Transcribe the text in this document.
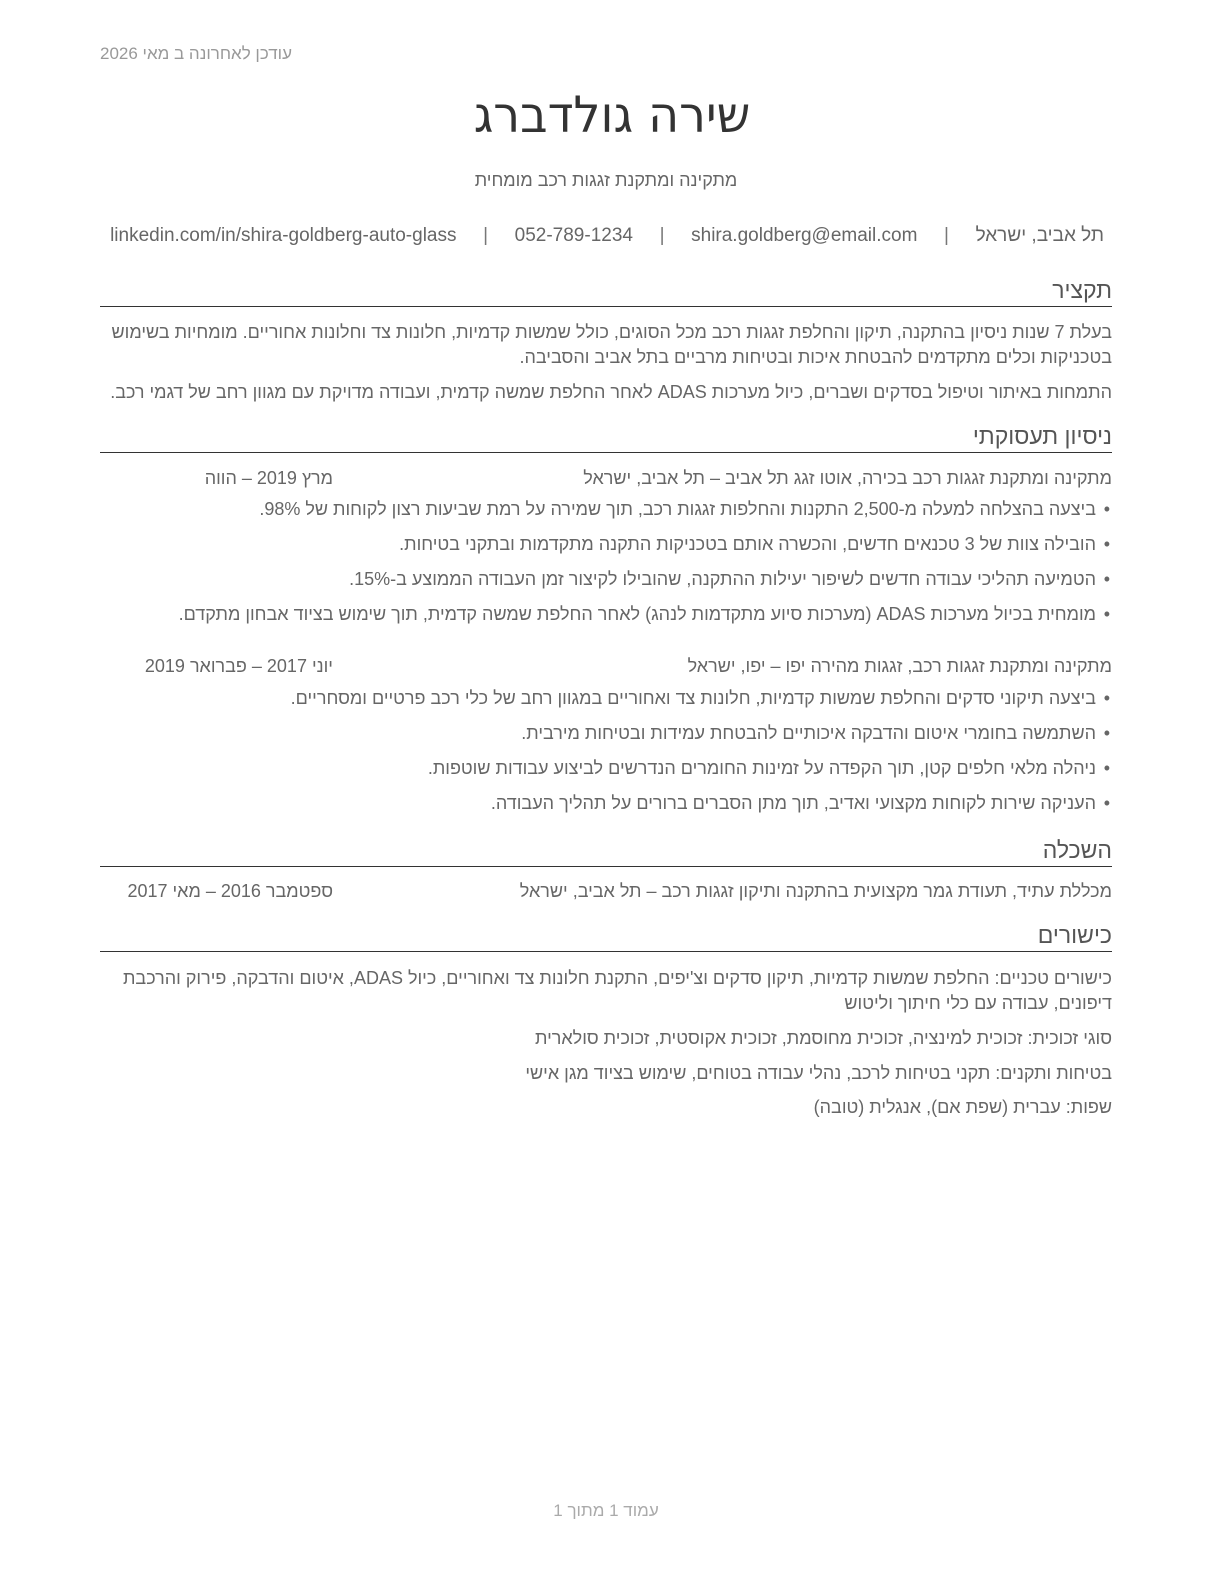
עודכן לאחרונה ב מאי 2026
שירה גולדברג
מתקינה ומתקנת זגגות רכב מומחית
תל אביב, ישראל
|
shira.goldberg@email.com
|
052-789-1234
|
linkedin.com/in/shira-goldberg-auto-glass
תקציר
בעלת 7 שנות ניסיון בהתקנה, תיקון והחלפת זגגות רכב מכל הסוגים, כולל שמשות קדמיות, חלונות צד וחלונות אחוריים. מומחיות בשימוש בטכניקות וכלים מתקדמים להבטחת איכות ובטיחות מרביים בתל אביב והסביבה.
התמחות באיתור וטיפול בסדקים ושברים, כיול מערכות ADAS לאחר החלפת שמשה קדמית, ועבודה מדויקת עם מגוון רחב של דגמי רכב.
ניסיון תעסוקתי
מתקינה ומתקנת זגגות רכב בכירה, אוטו זגג תל אביב – תל אביב, ישראל
מרץ 2019 – הווה
•
ביצעה בהצלחה למעלה מ-2,500 התקנות והחלפות זגגות רכב, תוך שמירה על רמת שביעות רצון לקוחות של 98%.
•
הובילה צוות של 3 טכנאים חדשים, והכשרה אותם בטכניקות התקנה מתקדמות ובתקני בטיחות.
•
הטמיעה תהליכי עבודה חדשים לשיפור יעילות ההתקנה, שהובילו לקיצור זמן העבודה הממוצע ב-15%.
•
מומחית בכיול מערכות ADAS (מערכות סיוע מתקדמות לנהג) לאחר החלפת שמשה קדמית, תוך שימוש בציוד אבחון מתקדם.
מתקינה ומתקנת זגגות רכב, זגגות מהירה יפו – יפו, ישראל
יוני 2017 – פברואר 2019
•
ביצעה תיקוני סדקים והחלפת שמשות קדמיות, חלונות צד ואחוריים במגוון רחב של כלי רכב פרטיים ומסחריים.
•
השתמשה בחומרי איטום והדבקה איכותיים להבטחת עמידות ובטיחות מירבית.
•
ניהלה מלאי חלפים קטן, תוך הקפדה על זמינות החומרים הנדרשים לביצוע עבודות שוטפות.
•
העניקה שירות לקוחות מקצועי ואדיב, תוך מתן הסברים ברורים על תהליך העבודה.
השכלה
מכללת עתיד, תעודת גמר מקצועית בהתקנה ותיקון זגגות רכב – תל אביב, ישראל
ספטמבר 2016 – מאי 2017
כישורים
כישורים טכניים: החלפת שמשות קדמיות, תיקון סדקים וצ'יפים, התקנת חלונות צד ואחוריים, כיול ADAS, איטום והדבקה, פירוק והרכבת דיפונים, עבודה עם כלי חיתוך וליטוש
סוגי זכוכית: זכוכית למינציה, זכוכית מחוסמת, זכוכית אקוסטית, זכוכית סולארית
בטיחות ותקנים: תקני בטיחות לרכב, נהלי עבודה בטוחים, שימוש בציוד מגן אישי
שפות: עברית (שפת אם), אנגלית (טובה)
עמוד 1 מתוך 1
